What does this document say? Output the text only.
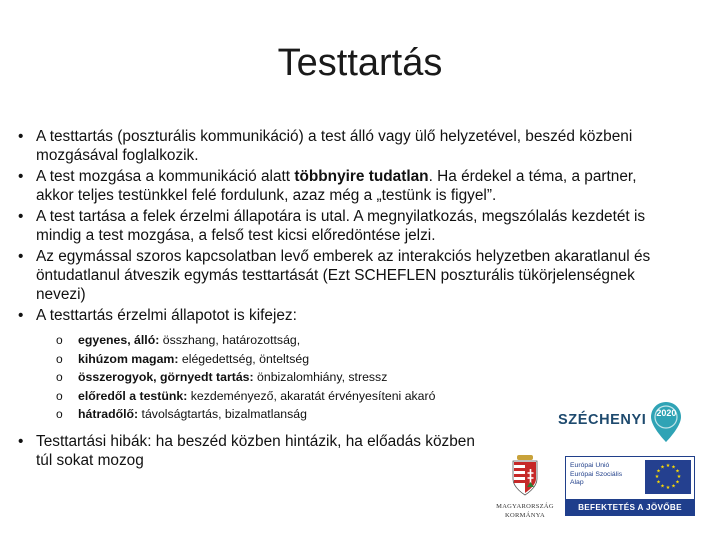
Testtartás
• A testtartás (poszturális kommunikáció) a test álló vagy ülő helyzetével, beszéd közbeni mozgásával foglalkozik.
• A test mozgása a kommunikáció alatt többnyire tudatlan. Ha érdekel a téma, a partner, akkor teljes testünkkel felé fordulunk, azaz még a „testünk is figyel”.
• A test tartása a felek érzelmi állapotára is utal. A megnyilatkozás, megszólalás kezdetét is mindig a test mozgása, a felső test kicsi előredöntése jelzi.
• Az egymással szoros kapcsolatban levő emberek az interakciós helyzetben akaratlanul és öntudatlanul átveszik egymás testtartását (Ezt SCHEFLEN poszturális tükörjelenségnek nevezi)
• A testtartás érzelmi állapotot is kifejez:
o egyenes, álló: összhang, határozottság,
o kihúzom magam: elégedettség, önteltség
o összerogyok, görnyedt tartás: önbizalomhiány, stressz
o előredől a testünk: kezdeményező, akaratát érvényesíteni akaró
o hátradőlő: távolságtartás, bizalmatlanság
• Testtartási hibák: ha beszéd közben hintázik, ha előadás közben túl sokat mozog
SZÉCHENYI	2020
MAGYARORSZÁG
KORMÁNYA
Európai Unió
Európai Szociális
Alap
★ ★
★
★
★
★
★
★
★
★
★
★
BEFEKTETÉS A JÖVŐBE
